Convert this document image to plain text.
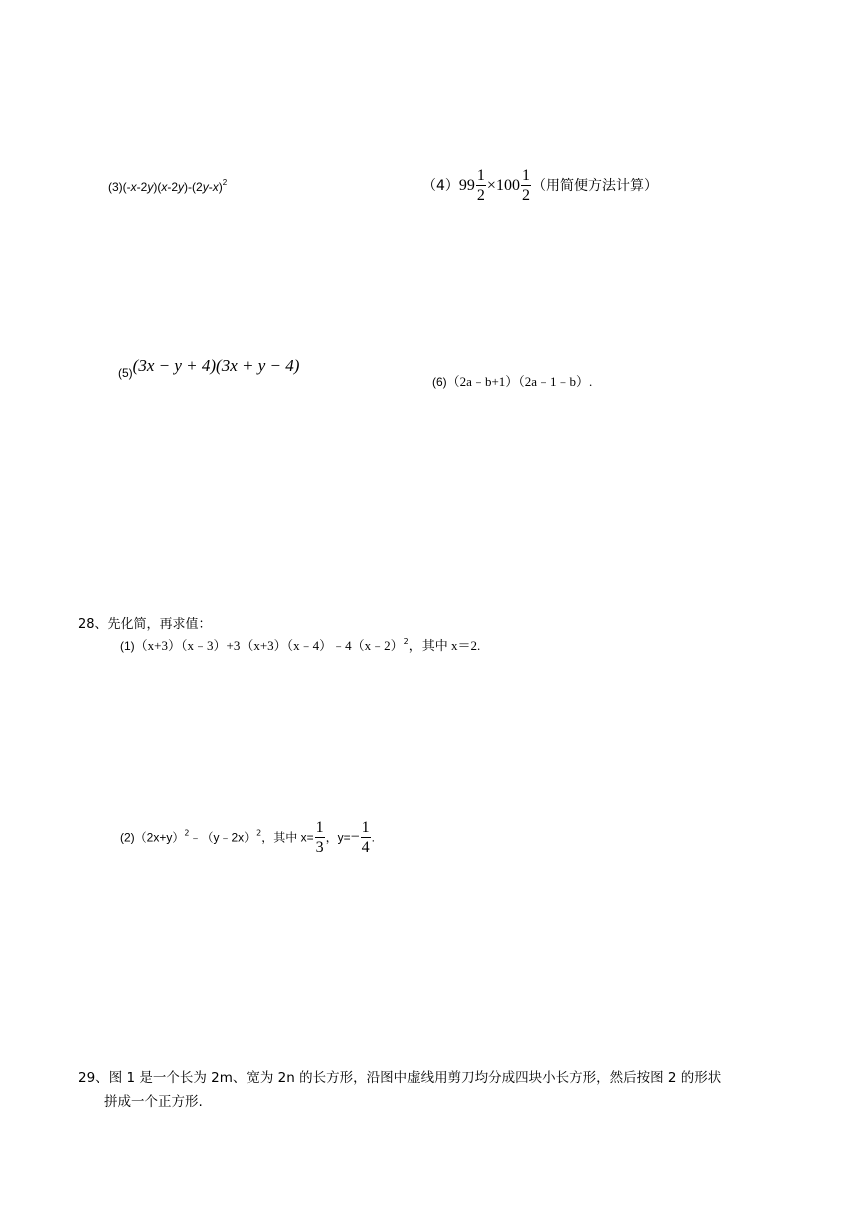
$(3)(-x-2y)(x-2y)-(2y-x)^2$	$(4)99 \frac{1}{2} \times 100 \frac{1}{2}$ （用简便方法计算）
(5)(3x − y + 4)(3x + y − 4)
(6)（2a﹣b+1）（2a﹣1﹣b）.
28、先化简，再求值：
(1)（x+3）（x﹣3）+3（x+3）（x﹣4）﹣4（x﹣2）$^2$，其中 x＝2.
$(2)(2x+y)^2﹣(y﹣2x)^2$，其中 $x= \frac{1}{3}$ ，$y=- \frac{1}{4}$ .
29、图 1 是一个长为 2m、宽为 2n 的长方形，沿图中虚线用剪刀均分成四块小长方形，然后按图 2 的形状
拼成一个正方形.
